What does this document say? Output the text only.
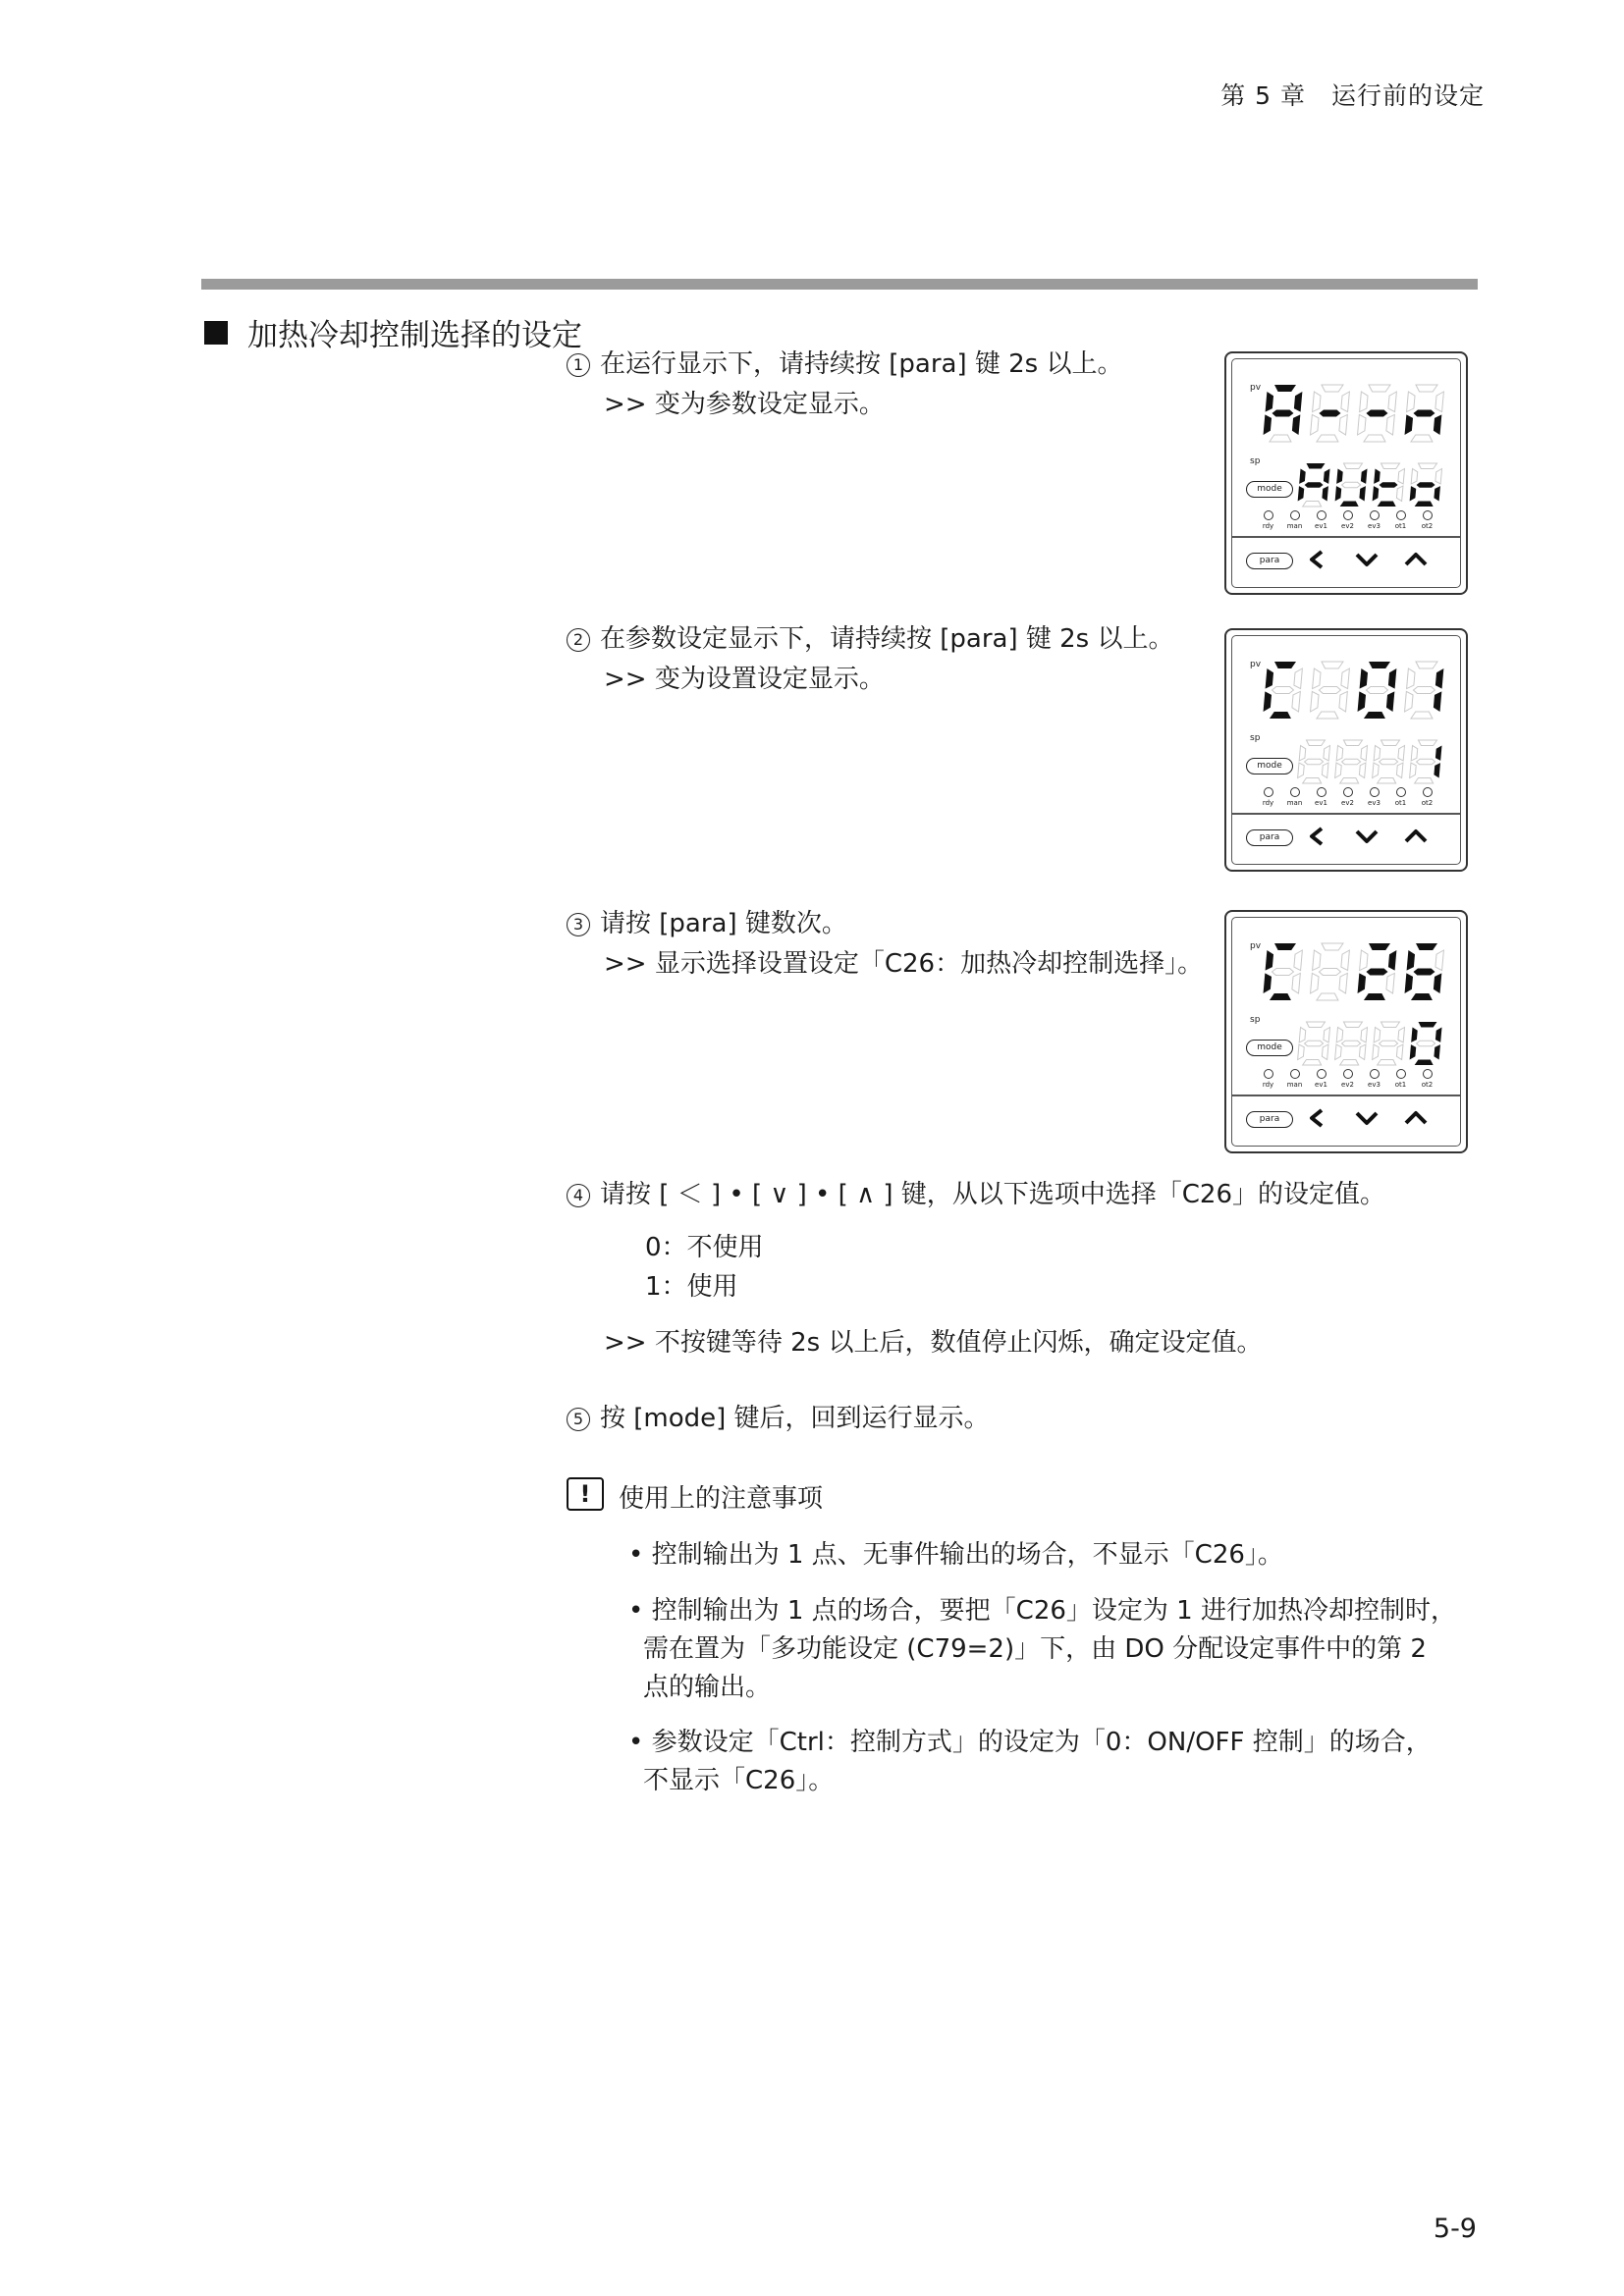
第 5 章　运行前的设定
加热冷却控制选择的设定
1 在运行显示下，请持续按 [para] 键 2s 以上。
>> 变为参数设定显示。
2 在参数设定显示下，请持续按 [para] 键 2s 以上。
>> 变为设置设定显示。
3 请按 [para] 键数次。
>> 显示选择设置设定「C26：加热冷却控制选择」。
4 请按 [ ＜ ] • [ ∨ ] • [ ∧ ] 键，从以下选项中选择「C26」的设定值。
0：不使用
1：使用
>> 不按键等待 2s 以上后，数值停止闪烁，确定设定值。
5 按 [mode] 键后，回到运行显示。
!	使用上的注意事项
• 控制输出为 1 点、无事件输出的场合，不显示「C26」。
• 控制输出为 1 点的场合，要把「C26」设定为 1 进行加热冷却控制时，
需在置为「多功能设定 (C79=2)」下，由 DO 分配设定事件中的第 2
点的输出。
• 参数设定「Ctrl：控制方式」的设定为「0：ON/OFF 控制」的场合，
不显示「C26」。
5-9
pv
sp
mode
rdy	man ev1 ev2 ev3	ot1	ot2
para
pv
sp
mode
rdy	man ev1 ev2 ev3	ot1	ot2
para
pv
sp
mode
rdy	man ev1 ev2 ev3	ot1	ot2
para
